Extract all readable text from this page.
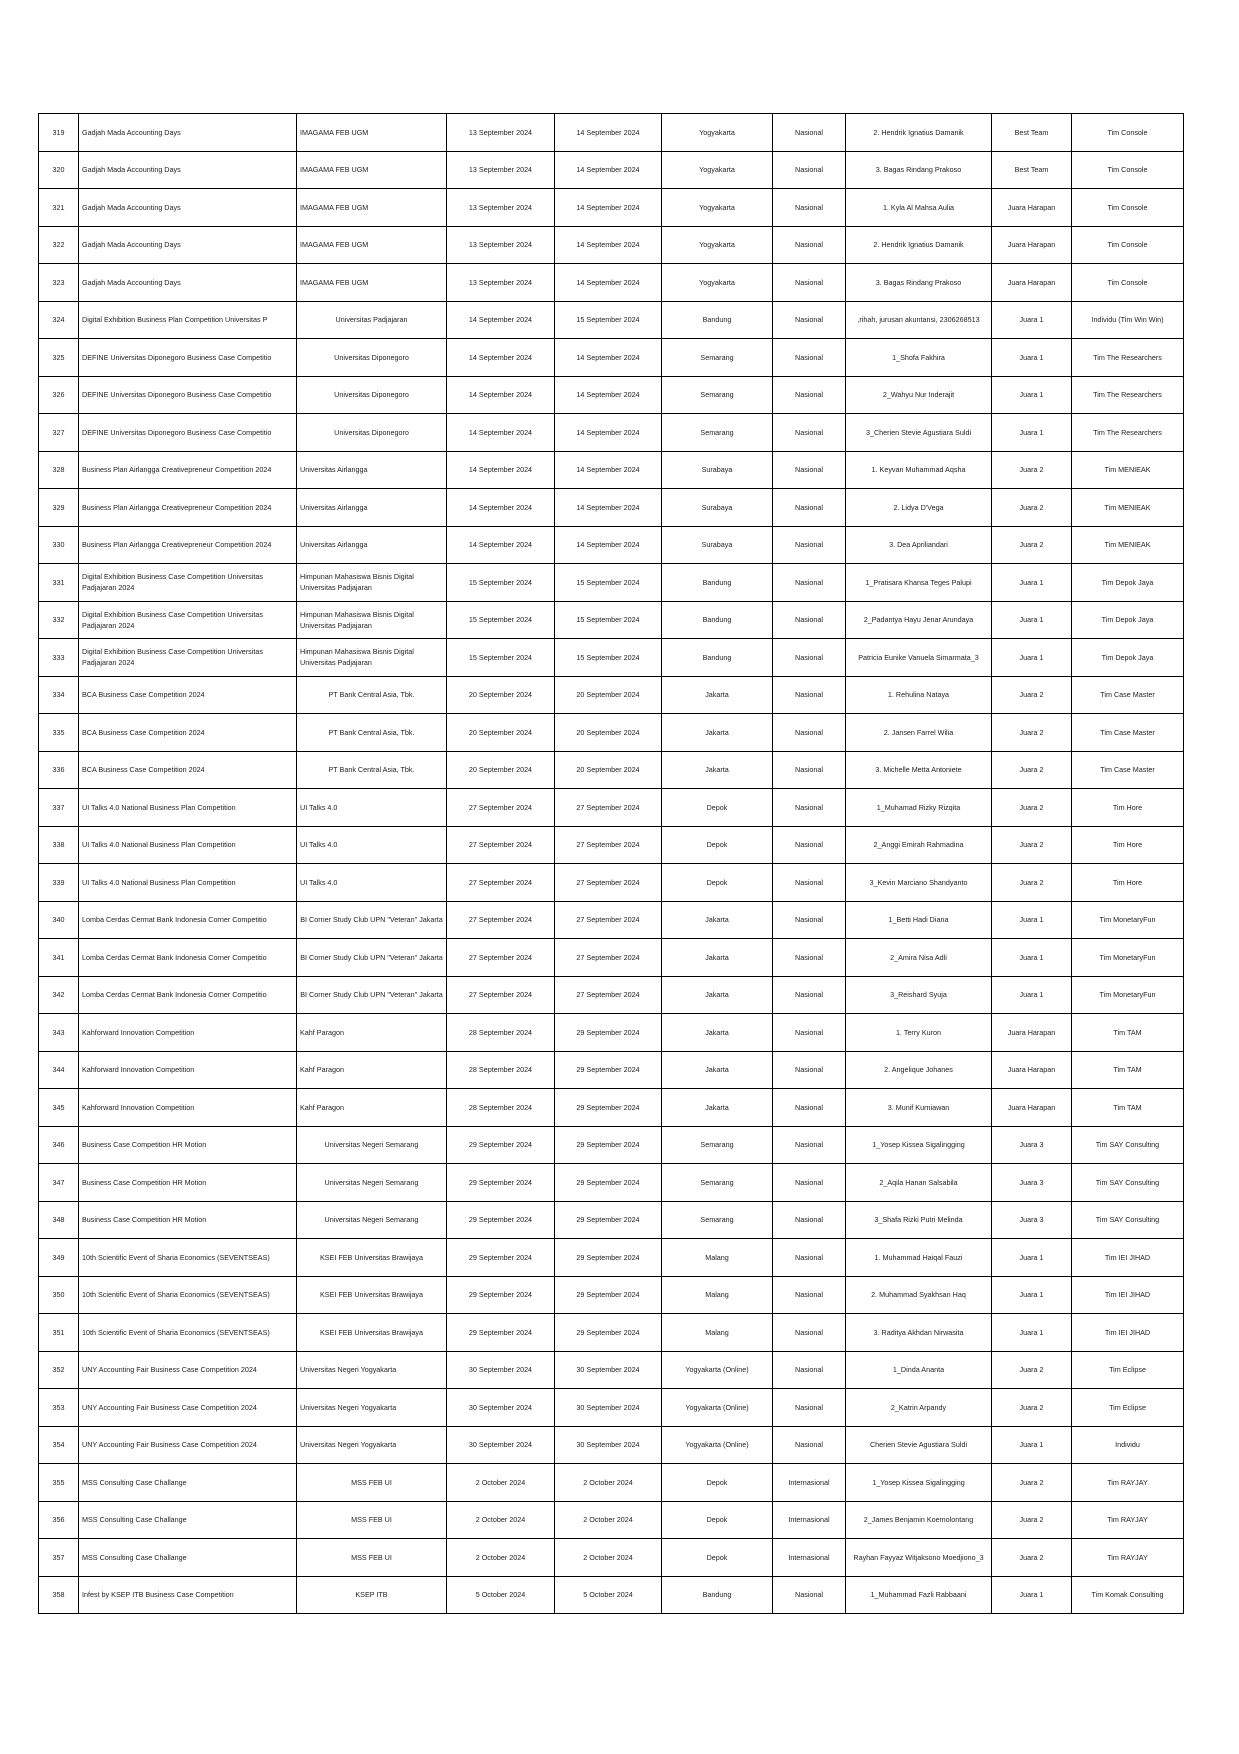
319	Gadjah Mada Accounting Days	IMAGAMA FEB UGM	13 September 2024	14 September 2024	Yogyakarta	Nasional	2. Hendrik Ignatius Damanik	Best Team	Tim Console
320	Gadjah Mada Accounting Days	IMAGAMA FEB UGM	13 September 2024	14 September 2024	Yogyakarta	Nasional	3. Bagas Rindang Prakoso	Best Team	Tim Console
321	Gadjah Mada Accounting Days	IMAGAMA FEB UGM	13 September 2024	14 September 2024	Yogyakarta	Nasional	1. Kyla Al Mahsa Aulia	Juara Harapan	Tim Console
322	Gadjah Mada Accounting Days	IMAGAMA FEB UGM	13 September 2024	14 September 2024	Yogyakarta	Nasional	2. Hendrik Ignatius Damanik	Juara Harapan	Tim Console
323	Gadjah Mada Accounting Days	IMAGAMA FEB UGM	13 September 2024	14 September 2024	Yogyakarta	Nasional	3. Bagas Rindang Prakoso	Juara Harapan	Tim Console
324	Digital Exhibition Business Plan Competition Universitas P	Universitas Padjajaran	14 September 2024	15 September 2024	Bandung	Nasional	rihah, jurusan akuntansi, 2306268513,	Juara 1	Individu (Tim Win Win)
325	DEFINE Universitas Diponegoro Business Case Competitio	Universitas Diponegoro	14 September 2024	14 September 2024	Semarang	Nasional	1_Shofa Fakhira	Juara 1	Tim The Researchers
326	DEFINE Universitas Diponegoro Business Case Competitio	Universitas Diponegoro	14 September 2024	14 September 2024	Semarang	Nasional	2_Wahyu Nur Inderajit	Juara 1	Tim The Researchers
327	DEFINE Universitas Diponegoro Business Case Competitio	Universitas Diponegoro	14 September 2024	14 September 2024	Semarang	Nasional	3_Cherien Stevie Agustiara Suldi	Juara 1	Tim The Researchers
328	Business Plan Airlangga Creativepreneur Competition 2024	Universitas Airlangga	14 September 2024	14 September 2024	Surabaya	Nasional	1. Keyvan Muhammad Aqsha	Juara 2	Tim MENIEAK
329	Business Plan Airlangga Creativepreneur Competition 2024	Universitas Airlangga	14 September 2024	14 September 2024	Surabaya	Nasional	2. Lidya D'Vega	Juara 2	Tim MENIEAK
330	Business Plan Airlangga Creativepreneur Competition 2024	Universitas Airlangga	14 September 2024	14 September 2024	Surabaya	Nasional	3. Dea Apriliandari	Juara 2	Tim MENIEAK
331	Digital Exhibition Business Case Competition Universitas Padjajaran 2024	Himpunan Mahasiswa Bisnis Digital Universitas Padjajaran	15 September 2024	15 September 2024	Bandung	Nasional	1_Pratisara Khansa Teges Palupi	Juara 1	Tim Depok Jaya
332	Digital Exhibition Business Case Competition Universitas Padjajaran 2024	Himpunan Mahasiswa Bisnis Digital Universitas Padjajaran	15 September 2024	15 September 2024	Bandung	Nasional	2_Padantya Hayu Jenar Arundaya	Juara 1	Tim Depok Jaya
333	Digital Exhibition Business Case Competition Universitas Padjajaran 2024	Himpunan Mahasiswa Bisnis Digital Universitas Padjajaran	15 September 2024	15 September 2024	Bandung	Nasional	3_Patricia Eunike Vanuela Simarmata	Juara 1	Tim Depok Jaya
334	BCA Business Case Competition 2024	PT Bank Central Asia, Tbk.	20 September 2024	20 September 2024	Jakarta	Nasional	1. Rehulina Nataya	Juara 2	Tim Case Master
335	BCA Business Case Competition 2024	PT Bank Central Asia, Tbk.	20 September 2024	20 September 2024	Jakarta	Nasional	2. Jansen Farrel Wilia	Juara 2	Tim Case Master
336	BCA Business Case Competition 2024	PT Bank Central Asia, Tbk.	20 September 2024	20 September 2024	Jakarta	Nasional	3. Michelle Metta Antoniete	Juara 2	Tim Case Master
337	UI Talks 4.0 National Business Plan Competition	UI Talks 4.0	27 September 2024	27 September 2024	Depok	Nasional	1_Muhamad Rizky Rizqita	Juara 2	Tim Hore
338	UI Talks 4.0 National Business Plan Competition	UI Talks 4.0	27 September 2024	27 September 2024	Depok	Nasional	2_Anggi Emirah Rahmadina	Juara 2	Tim Hore
339	UI Talks 4.0 National Business Plan Competition	UI Talks 4.0	27 September 2024	27 September 2024	Depok	Nasional	3_Kevin Marciano Shandyanto	Juara 2	Tim Hore
340	Lomba Cerdas Cermat Bank Indonesia Corner Competitio	BI Corner Study Club UPN "Veteran" Jakarta	27 September 2024	27 September 2024	Jakarta	Nasional	1_Betti Hadi Diana	Juara 1	Tim MonetaryFun
341	Lomba Cerdas Cermat Bank Indonesia Corner Competitio	BI Corner Study Club UPN "Veteran" Jakarta	27 September 2024	27 September 2024	Jakarta	Nasional	2_Amira Nisa Adli	Juara 1	Tim MonetaryFun
342	Lomba Cerdas Cermat Bank Indonesia Corner Competitio	BI Corner Study Club UPN "Veteran" Jakarta	27 September 2024	27 September 2024	Jakarta	Nasional	3_Reishard Syuja	Juara 1	Tim MonetaryFun
343	Kahforward Innovation Competition	Kahf Paragon	28 September 2024	29 September 2024	Jakarta	Nasional	1. Terry Kuron	Juara Harapan	Tim TAM
344	Kahforward Innovation Competition	Kahf Paragon	28 September 2024	29 September 2024	Jakarta	Nasional	2. Angelique Johanes	Juara Harapan	Tim TAM
345	Kahforward Innovation Competition	Kahf Paragon	28 September 2024	29 September 2024	Jakarta	Nasional	3. Munif Kurniawan	Juara Harapan	Tim TAM
346	Business Case Competition HR Motion	Universitas Negeri Semarang	29 September 2024	29 September 2024	Semarang	Nasional	1_Yosep Kissea Sigalingging	Juara 3	Tim SAY Consulting
347	Business Case Competition HR Motion	Universitas Negeri Semarang	29 September 2024	29 September 2024	Semarang	Nasional	2_Aqila Hanan Salsabila	Juara 3	Tim SAY Consulting
348	Business Case Competition HR Motion	Universitas Negeri Semarang	29 September 2024	29 September 2024	Semarang	Nasional	3_Shafa Rizki Putri Melinda	Juara 3	Tim SAY Consulting
349	10th Scientific Event of Sharia Economics (SEVENTSEAS)	KSEI FEB Universitas Brawijaya	29 September 2024	29 September 2024	Malang	Nasional	1. Muhammad Haiqal Fauzi	Juara 1	Tim IEI JIHAD
350	10th Scientific Event of Sharia Economics (SEVENTSEAS)	KSEI FEB Universitas Brawijaya	29 September 2024	29 September 2024	Malang	Nasional	2. Muhammad Syakhsan Haq	Juara 1	Tim IEI JIHAD
351	10th Scientific Event of Sharia Economics (SEVENTSEAS)	KSEI FEB Universitas Brawijaya	29 September 2024	29 September 2024	Malang	Nasional	3. Raditya Akhdan Nirwasita	Juara 1	Tim IEI JIHAD
352	UNY Accounting Fair Business Case Competition 2024	Universitas Negeri Yogyakarta	30 September 2024	30 September 2024	Yogyakarta (Online)	Nasional	1_Dinda Ananta	Juara 2	Tim Eclipse
353	UNY Accounting Fair Business Case Competition 2024	Universitas Negeri Yogyakarta	30 September 2024	30 September 2024	Yogyakarta (Online)	Nasional	2_Katrin Arpandy	Juara 2	Tim Eclipse
354	UNY Accounting Fair Business Case Competition 2024	Universitas Negeri Yogyakarta	30 September 2024	30 September 2024	Yogyakarta (Online)	Nasional	Cherien Stevie Agustiara Suldi	Juara 1	Individu
355	MSS Consulting Case Challange	MSS FEB UI	2 October 2024	2 October 2024	Depok	Internasional	1_Yosep Kissea Sigalingging	Juara 2	Tim RAYJAY
356	MSS Consulting Case Challange	MSS FEB UI	2 October 2024	2 October 2024	Depok	Internasional	2_James Benjamin Koemolontang	Juara 2	Tim RAYJAY
357	MSS Consulting Case Challange	MSS FEB UI	2 October 2024	2 October 2024	Depok	Internasional	3_Rayhan Fayyaz Witjaksono Moedjiono	Juara 2	Tim RAYJAY
358	Infest by KSEP ITB Business Case Competition	KSEP ITB	5 October 2024	5 October 2024	Bandung	Nasional	1_Muhammad Fazli Rabbaani	Juara 1	Tim Komak Consulting
